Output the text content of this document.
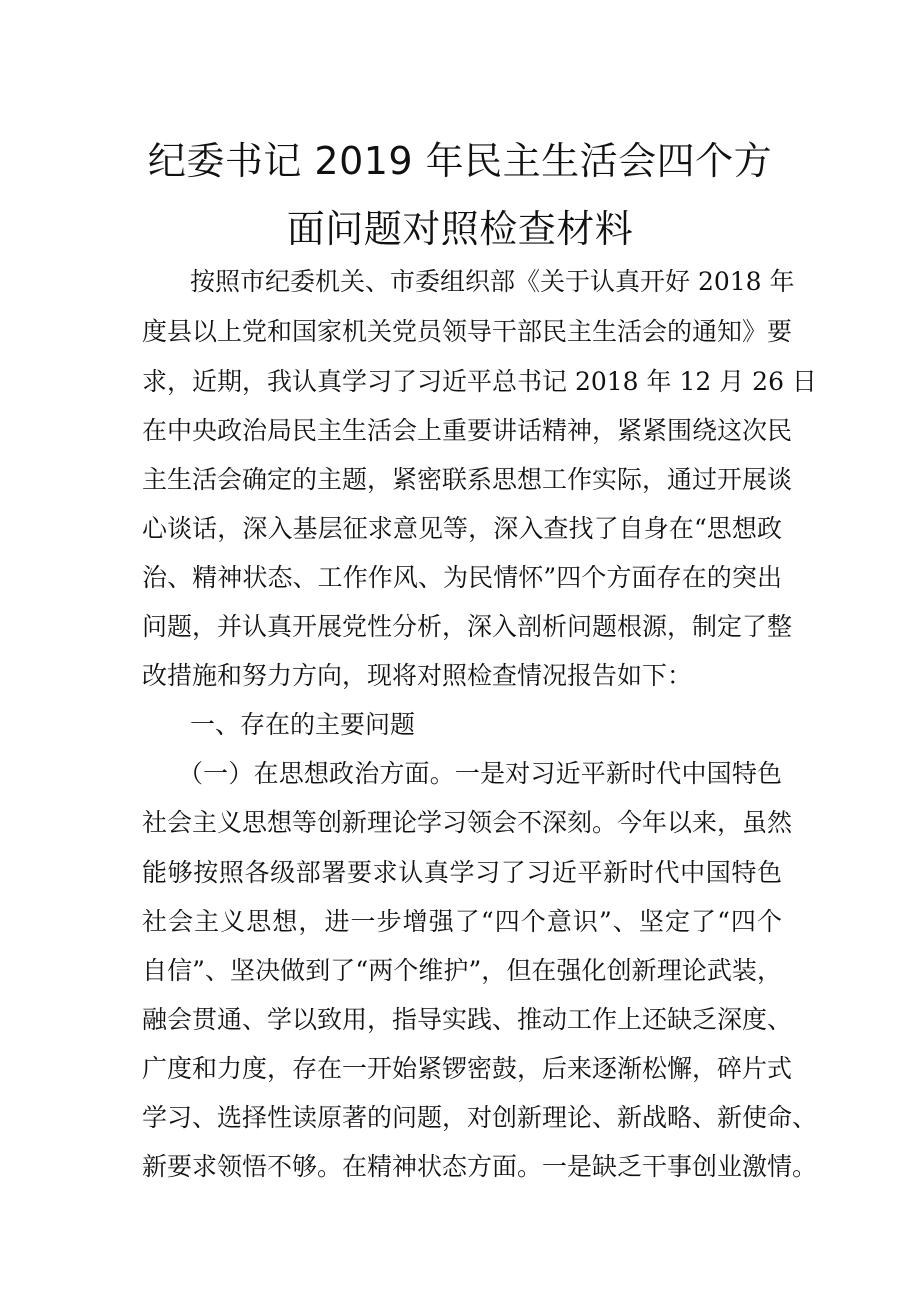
纪委书记 2019 年民主生活会四个方
面问题对照检查材料

按照市纪委机关、市委组织部《关于认真开好 2018 年

度县以上党和国家机关党员领导干部民主生活会的通知》要

求，近期，我认真学习了习近平总书记 2018 年 12 月 26 日

在中央政治局民主生活会上重要讲话精神，紧紧围绕这次民

主生活会确定的主题，紧密联系思想工作实际，通过开展谈

心谈话，深入基层征求意见等，深入查找了自身在“思想政

治、精神状态、工作作风、为民情怀”四个方面存在的突出

问题，并认真开展党性分析，深入剖析问题根源，制定了整

改措施和努力方向，现将对照检查情况报告如下：

一、存在的主要问题

（一）在思想政治方面。一是对习近平新时代中国特色

社会主义思想等创新理论学习领会不深刻。今年以来，虽然

能够按照各级部署要求认真学习了习近平新时代中国特色

社会主义思想，进一步增强了“四个意识”、坚定了“四个

自信”、坚决做到了“两个维护”，但在强化创新理论武装，

融会贯通、学以致用，指导实践、推动工作上还缺乏深度、

广度和力度，存在一开始紧锣密鼓，后来逐渐松懈，碎片式

学习、选择性读原著的问题，对创新理论、新战略、新使命、

新要求领悟不够。在精神状态方面。一是缺乏干事创业激情。
